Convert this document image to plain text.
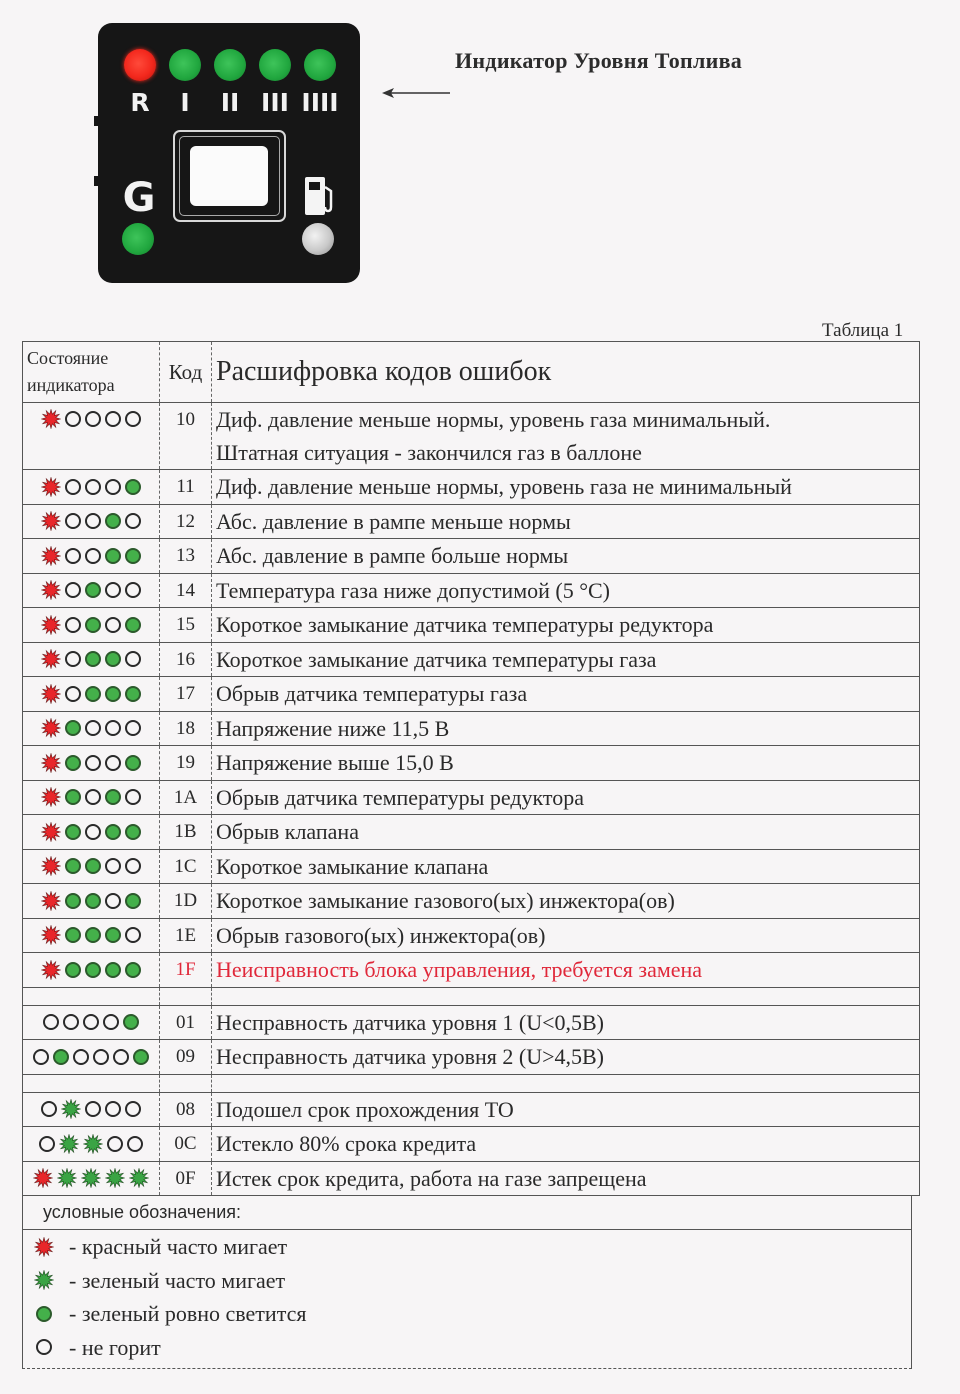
R	I	II III IIII
G
Индикатор Уровня Топлива
Таблица 1
Состояние
индикатора
Код Расшифровка кодов ошибок
10 Диф. давление меньше нормы, уровень газа минимальный.
Штатная ситуация - закончился газ в баллоне
11 Диф. давление меньше нормы, уровень газа не минимальный
12 Абс. давление в рампе меньше нормы
13 Абс. давление в рампе больше нормы
14 Температура газа ниже допустимой (5 °C)
15 Короткое замыкание датчика температуры редуктора
16 Короткое замыкание датчика температуры газа
17 Обрыв датчика температуры газа
18 Напряжение ниже 11,5 В
19 Напряжение выше 15,0 В
1A Обрыв датчика температуры редуктора
1B Обрыв клапана
1C Короткое замыкание клапана
1D Короткое замыкание газового(ых) инжектора(ов)
1E Обрыв газового(ых) инжектора(ов)
1F Неисправность блока управления, требуется замена
01 Несправность датчика уровня 1 (U<0,5B)
09 Несправность датчика уровня 2 (U>4,5B)
08 Подошел срок прохождения ТО
0C Истекло 80% срока кредита
0F Истек срок кредита, работа на газе запрещена
условные обозначения:
- красный часто мигает
- зеленый часто мигает
- зеленый ровно светится
- не горит
